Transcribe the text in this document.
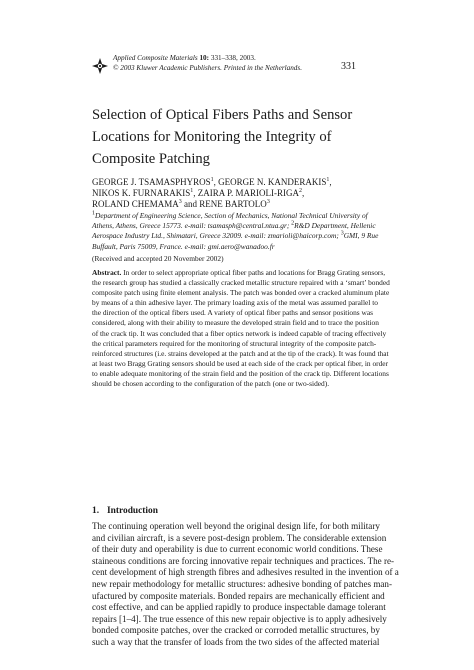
Applied Composite Materials 10: 331–338, 2003.
© 2003 Kluwer Academic Publishers. Printed in the Netherlands.	331
Selection of Optical Fibers Paths and Sensor
Locations for Monitoring the Integrity of
Composite Patching
GEORGE J. TSAMASPHYROS$^1$, GEORGE N. KANDERAKIS$^1$,
NIKOS K. FURNARAKIS$^1$, ZAIRA P. MARIOLI-RIGA$^2$,
ROLAND CHEMAMA$^3$ and RENE BARTOLO$^3$
$^1$Department of Engineering Science, Section of Mechanics, National Technical University of
Athens, Athens, Greece 15773. e-mail: tsamasph@central.ntua.gr; $^2$R&D Department, Hellenic
Aerospace Industry Ltd., Shimatari, Greece 32009. e-mail: zmarioli@haicorp.com; $^3$GMI, 9 Rue
Buffault, Paris 75009, France. e-mail: gmi.aero@wanadoo.fr
(Received and accepted 20 November 2002)
Abstract. In order to select appropriate optical fiber paths and locations for Bragg Grating sensors,
the research group has studied a classically cracked metallic structure repaired with a ‘smart’ bonded
composite patch using finite element analysis. The patch was bonded over a cracked aluminum plate
by means of a thin adhesive layer. The primary loading axis of the metal was assumed parallel to
the direction of the optical fibers used. A variety of optical fiber paths and sensor positions was
considered, along with their ability to measure the developed strain field and to trace the position
of the crack tip. It was concluded that a fiber optics network is indeed capable of tracing effectively
the critical parameters required for the monitoring of structural integrity of the composite patch-
reinforced structures (i.e. strains developed at the patch and at the tip of the crack). It was found that
at least two Bragg Grating sensors should be used at each side of the crack per optical fiber, in order
to enable adequate monitoring of the strain field and the position of the crack tip. Different locations
should be chosen according to the configuration of the patch (one or two-sided).
1. Introduction
The continuing operation well beyond the original design life, for both military
and civilian aircraft, is a severe post-design problem. The considerable extension
of their duty and operability is due to current economic world conditions. These
staineous conditions are forcing innovative repair techniques and practices. The re-
cent development of high strength fibres and adhesives resulted in the invention of a
new repair methodology for metallic structures: adhesive bonding of patches man-
ufactured by composite materials. Bonded repairs are mechanically efficient and
cost effective, and can be applied rapidly to produce inspectable damage tolerant
repairs [1–4]. The true essence of this new repair objective is to apply adhesively
bonded composite patches, over the cracked or corroded metallic structures, by
such a way that the transfer of loads from the two sides of the affected material
